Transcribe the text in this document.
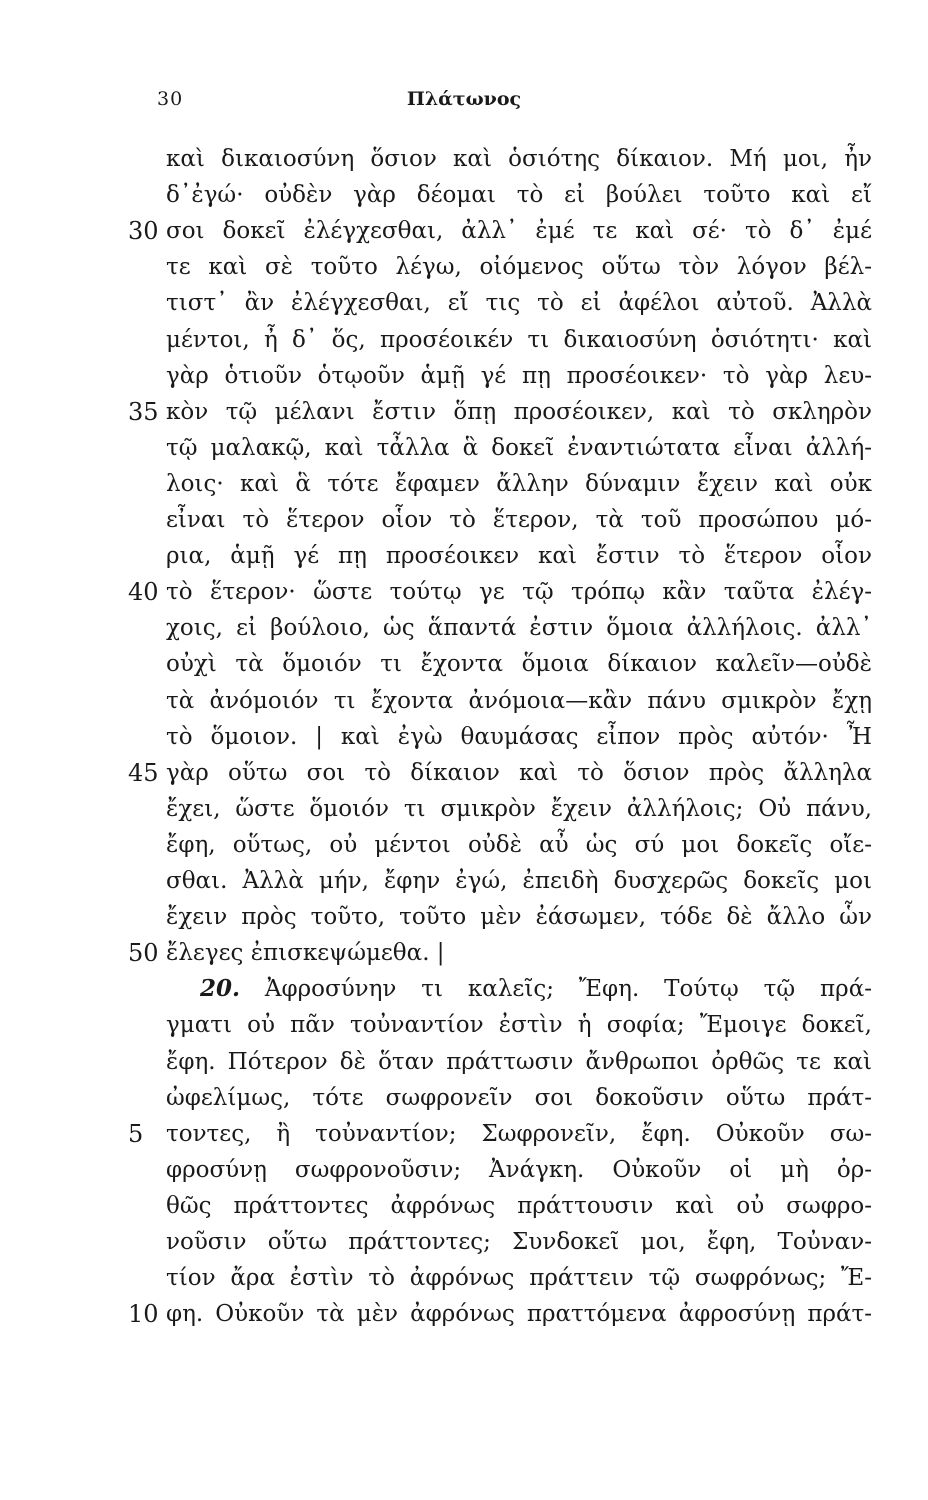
30	Πλάτωνος
καὶ δικαιοσύνη ὅσιον καὶ ὁσιότης δίκαιον. Μή μοι, ἦν
δ᾽ἐγώ· οὐδὲν γὰρ δέομαι τὸ εἰ βούλει τοῦτο καὶ εἴ
30 σοι δοκεῖ ἐλέγχεσθαι, ἀλλ᾽ ἐμέ τε καὶ σέ· τὸ δ᾽ ἐμέ
τε καὶ σὲ τοῦτο λέγω, οἰόμενος οὕτω τὸν λόγον βέλ-
τιστ᾽ ἂν ἐλέγχεσθαι, εἴ τις τὸ εἰ ἀφέλοι αὐτοῦ. Ἀλλὰ
μέντοι, ἦ δ᾽ ὅς, προσέοικέν τι δικαιοσύνη ὁσιότητι· καὶ
γὰρ ὁτιοῦν ὁτῳοῦν ἁμῇ γέ πῃ προσέοικεν· τὸ γὰρ λευ-
35 κὸν τῷ μέλανι ἔστιν ὅπῃ προσέοικεν, καὶ τὸ σκληρὸν
τῷ μαλακῷ, καὶ τἆλλα ἃ δοκεῖ ἐναντιώτατα εἶναι ἀλλή-
λοις· καὶ ἃ τότε ἔφαμεν ἄλλην δύναμιν ἔχειν καὶ οὐκ
εἶναι τὸ ἕτερον οἷον τὸ ἕτερον, τὰ τοῦ προσώπου μό-
ρια, ἁμῇ γέ πῃ προσέοικεν καὶ ἔστιν τὸ ἕτερον οἷον
40 τὸ ἕτερον· ὥστε τούτῳ γε τῷ τρόπῳ κἂν ταῦτα ἐλέγ-
χοις, εἰ βούλοιο, ὡς ἅπαντά ἐστιν ὅμοια ἀλλήλοις. ἀλλ᾽
οὐχὶ τὰ ὅμοιόν τι ἔχοντα ὅμοια δίκαιον καλεῖν—οὐδὲ
τὰ ἀνόμοιόν τι ἔχοντα ἀνόμοια—κἂν πάνυ σμικρὸν ἔχῃ
τὸ ὅμοιον. | καὶ ἐγὼ θαυμάσας εἶπον πρὸς αὐτόν· Ἦ
45 γὰρ οὕτω σοι τὸ δίκαιον καὶ τὸ ὅσιον πρὸς ἄλληλα
ἔχει, ὥστε ὅμοιόν τι σμικρὸν ἔχειν ἀλλήλοις; Οὐ πάνυ,
ἔφη, οὕτως, οὐ μέντοι οὐδὲ αὖ ὡς σύ μοι δοκεῖς οἴε-
σθαι. Ἀλλὰ μήν, ἔφην ἐγώ, ἐπειδὴ δυσχερῶς δοκεῖς μοι
ἔχειν πρὸς τοῦτο, τοῦτο μὲν ἐάσωμεν, τόδε δὲ ἄλλο ὧν
50 ἔλεγες ἐπισκεψώμεθα. |
20. Ἀφροσύνην τι καλεῖς; Ἔφη. Τούτῳ τῷ πρά-
γματι οὐ πᾶν τοὐναντίον ἐστὶν ἡ σοφία; Ἔμοιγε δοκεῖ,
ἔφη. Πότερον δὲ ὅταν πράττωσιν ἄνθρωποι ὀρθῶς τε καὶ
ὠφελίμως, τότε σωφρονεῖν σοι δοκοῦσιν οὕτω πράτ-
5 τοντες, ἢ τοὐναντίον; Σωφρονεῖν, ἔφη. Οὐκοῦν σω-
φροσύνῃ σωφρονοῦσιν; Ἀνάγκη. Οὐκοῦν οἱ μὴ ὀρ-
θῶς πράττοντες ἀφρόνως πράττουσιν καὶ οὐ σωφρο-
νοῦσιν οὕτω πράττοντες; Συνδοκεῖ μοι, ἔφη, Τοὐναν-
τίον ἄρα ἐστὶν τὸ ἀφρόνως πράττειν τῷ σωφρόνως; Ἔ-
10 φη. Οὐκοῦν τὰ μὲν ἀφρόνως πραττόμενα ἀφροσύνῃ πράτ-
